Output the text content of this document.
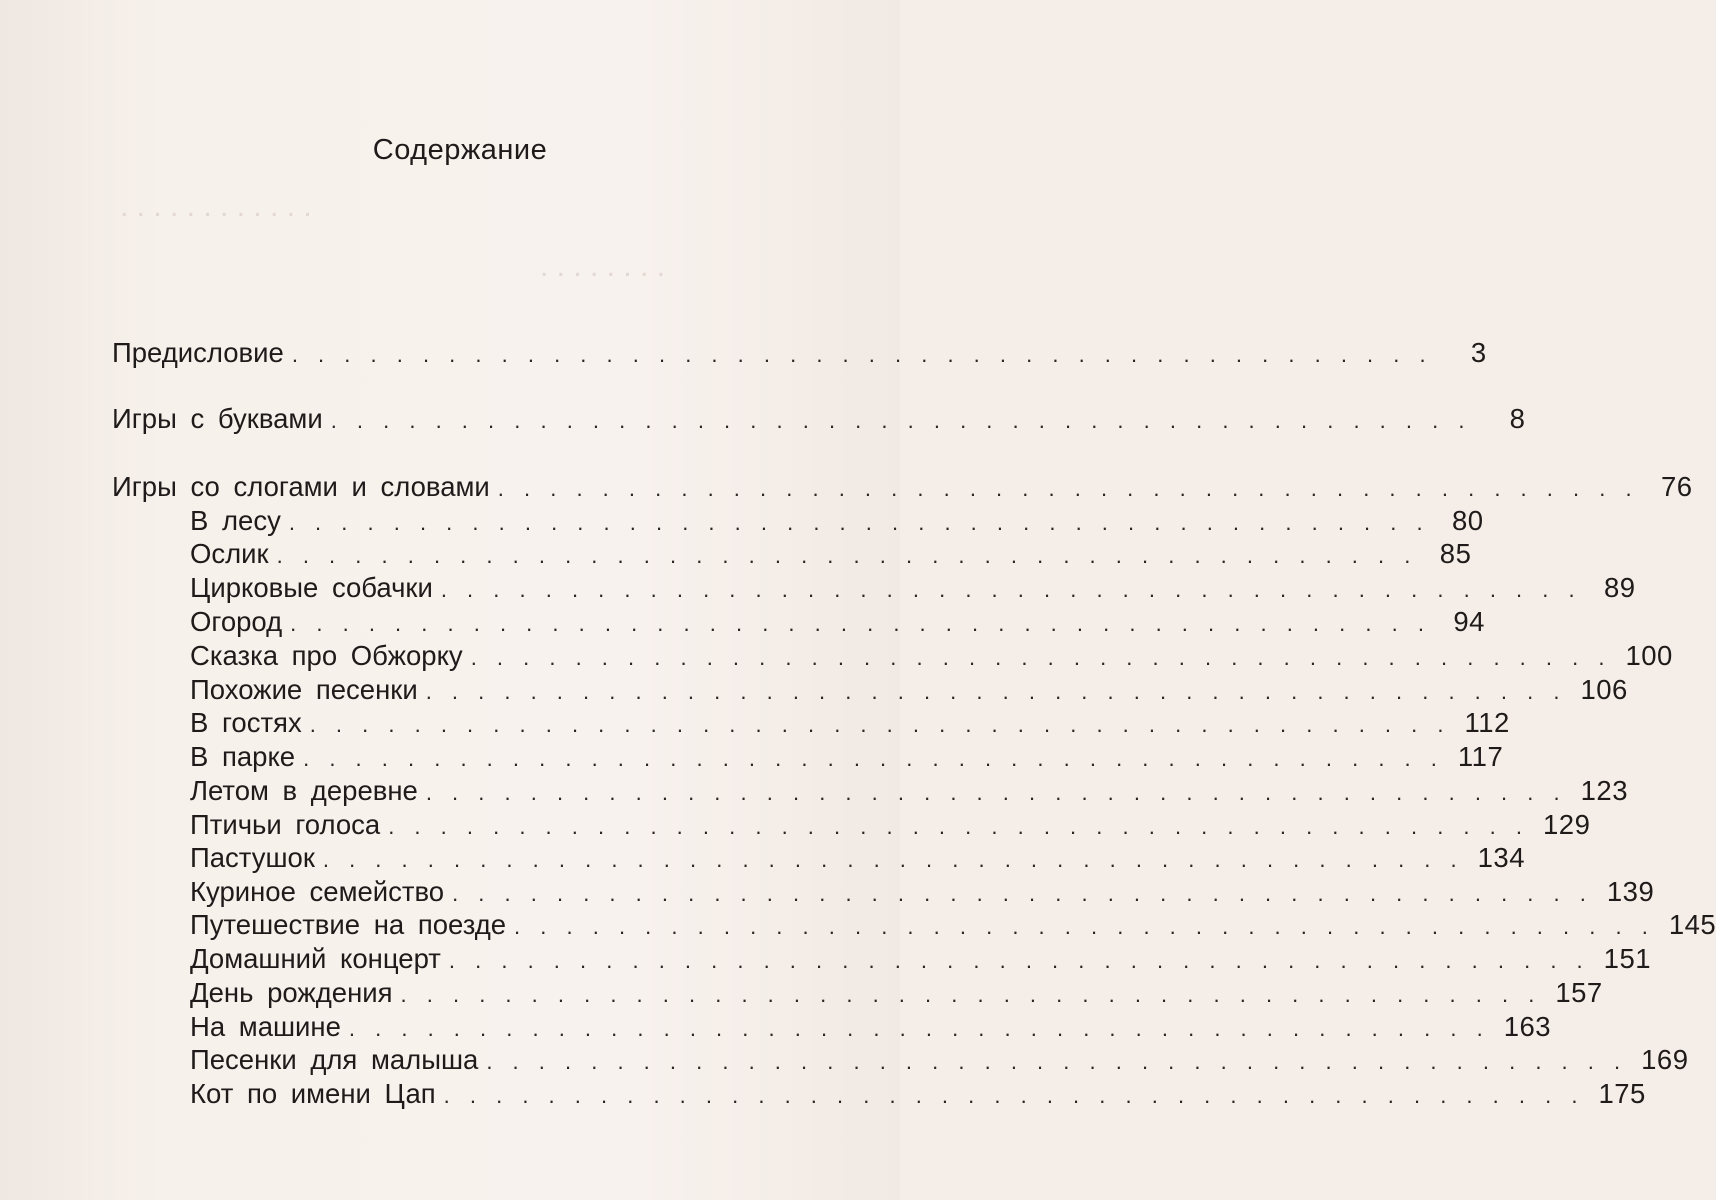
. . . . . . . . . . . .
. . . . . . . .
Содержание
Предисловие . . . . . . . . . . . . . . . . . . . . . . . . . . . . . . . . . . . . . . . . . . . .	3
Игры с буквами . . . . . . . . . . . . . . . . . . . . . . . . . . . . . . . . . . . . . . . . . . . .	8
Игры со слогами и словами . . . . . . . . . . . . . . . . . . . . . . . . . . . . . . . . . . . . . . . . . . . . 76
В лесу . . . . . . . . . . . . . . . . . . . . . . . . . . . . . . . . . . . . . . . . . . . . 80
Ослик . . . . . . . . . . . . . . . . . . . . . . . . . . . . . . . . . . . . . . . . . . . . 85
Цирковые собачки . . . . . . . . . . . . . . . . . . . . . . . . . . . . . . . . . . . . . . . . . . . . 89
Огород . . . . . . . . . . . . . . . . . . . . . . . . . . . . . . . . . . . . . . . . . . . . 94
Сказка про Обжорку . . . . . . . . . . . . . . . . . . . . . . . . . . . . . . . . . . . . . . . . . . . . 100
Похожие песенки . . . . . . . . . . . . . . . . . . . . . . . . . . . . . . . . . . . . . . . . . . . . 106
В гостях . . . . . . . . . . . . . . . . . . . . . . . . . . . . . . . . . . . . . . . . . . . . 112
В парке . . . . . . . . . . . . . . . . . . . . . . . . . . . . . . . . . . . . . . . . . . . . 117
Летом в деревне . . . . . . . . . . . . . . . . . . . . . . . . . . . . . . . . . . . . . . . . . . . . 123
Птичьи голоса . . . . . . . . . . . . . . . . . . . . . . . . . . . . . . . . . . . . . . . . . . . . 129
Пастушок . . . . . . . . . . . . . . . . . . . . . . . . . . . . . . . . . . . . . . . . . . . . 134
Куриное семейство . . . . . . . . . . . . . . . . . . . . . . . . . . . . . . . . . . . . . . . . . . . . 139
Путешествие на поезде . . . . . . . . . . . . . . . . . . . . . . . . . . . . . . . . . . . . . . . . . . . . 145
Домашний концерт . . . . . . . . . . . . . . . . . . . . . . . . . . . . . . . . . . . . . . . . . . . . 151
День рождения . . . . . . . . . . . . . . . . . . . . . . . . . . . . . . . . . . . . . . . . . . . . 157
На машине . . . . . . . . . . . . . . . . . . . . . . . . . . . . . . . . . . . . . . . . . . . . 163
Песенки для малыша . . . . . . . . . . . . . . . . . . . . . . . . . . . . . . . . . . . . . . . . . . . . 169
Кот по имени Цап . . . . . . . . . . . . . . . . . . . . . . . . . . . . . . . . . . . . . . . . . . . . 175
